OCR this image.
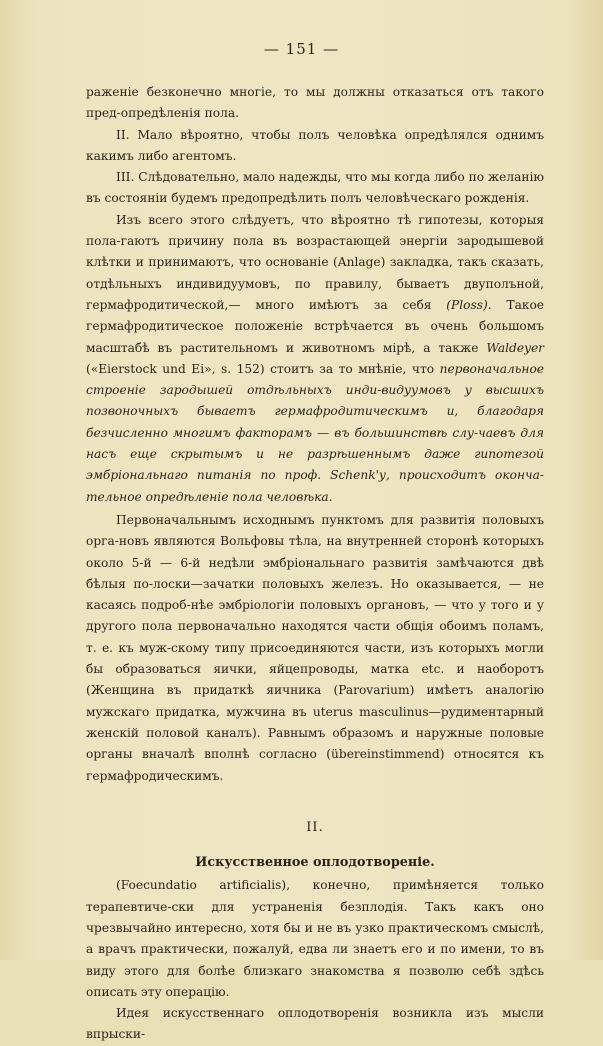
— 151 —

раженіе безконечно многіе, то мы должны отказаться отъ такого пред-опредѣленія пола.

II. Мало вѣроятно, чтобы полъ человѣка опредѣлялся однимъ какимъ либо агентомъ.

III. Слѣдовательно, мало надежды, что мы когда либо по желанію въ состояніи будемъ предопредѣлить полъ человѣческаго рожденія.

Изъ всего этого слѣдуетъ, что вѣроятно тѣ гипотезы, которыя пола-гаютъ причину пола въ возрастающей энергіи зародышевой клѣтки и принимаютъ, что основаніе (Anlage) закладка, такъ сказать, отдѣльныхъ индивидуумовъ, по правилу, бываетъ двуполъной, гермафродитической,— много имѣютъ за себя (Ploss). Такое гермафродитическое положеніе встрѣчается въ очень большомъ масштабѣ въ растительномъ и животномъ мірѣ, а также Waldeyer («Eierstock und Ei», s. 152) стоитъ за то мнѣніе, что первоначальное строеніе зародышей отдѣльныхъ инди-видуумовъ у высшихъ позвоночныхъ бываетъ гермафродитическимъ и, благодаря безчисленно многимъ факторамъ — въ большинствѣ слу-чаевъ для насъ еще скрытымъ и не разрѣшеннымъ даже гипотезой эмбріональнаго питанія по проф. Schenk'у, происходитъ оконча-тельное опредѣленіе пола человѣка.

Первоначальнымъ исходнымъ пунктомъ для развитія половыхъ орга-новъ являются Вольфовы тѣла, на внутренней сторонѣ которыхъ около 5-й — 6-й недѣли эмбріональнаго развитія замѣчаются двѣ бѣлыя по-лоски—зачатки половыхъ железъ. Но оказывается, — не касаясь подроб-нѣе эмбріологіи половыхъ органовъ, — что у того и у другого пола первоначально находятся части общія обоимъ поламъ, т. е. къ муж-скому типу присоединяются части, изъ которыхъ могли бы образоваться яички, яйцепроводы, матка etc. и наоборотъ (Женщина въ придаткѣ яичника (Parovarium) имѣетъ аналогію мужскаго придатка, мужчина въ uterus masculinus—рудиментарный женскій половой каналъ). Равнымъ образомъ и наружные половые органы вначалѣ вполнѣ согласно (übereinstimmend) относятся къ гермафродическимъ.

II.
Искусственное оплодотвореніе.

(Foecundatio artificialis), конечно, примѣняется только терапевтиче-ски для устраненія безплодія. Такъ какъ оно чрезвычайно интересно, хотя бы и не въ узко практическомъ смыслѣ, а врачъ практически, пожалуй, едва ли знаетъ его и по имени, то въ виду этого для болѣе близкаго знакомства я позволю себѣ здѣсь описать эту операцію.

Идея искусственнаго оплодотворенія возникла изъ мысли впрыски-
